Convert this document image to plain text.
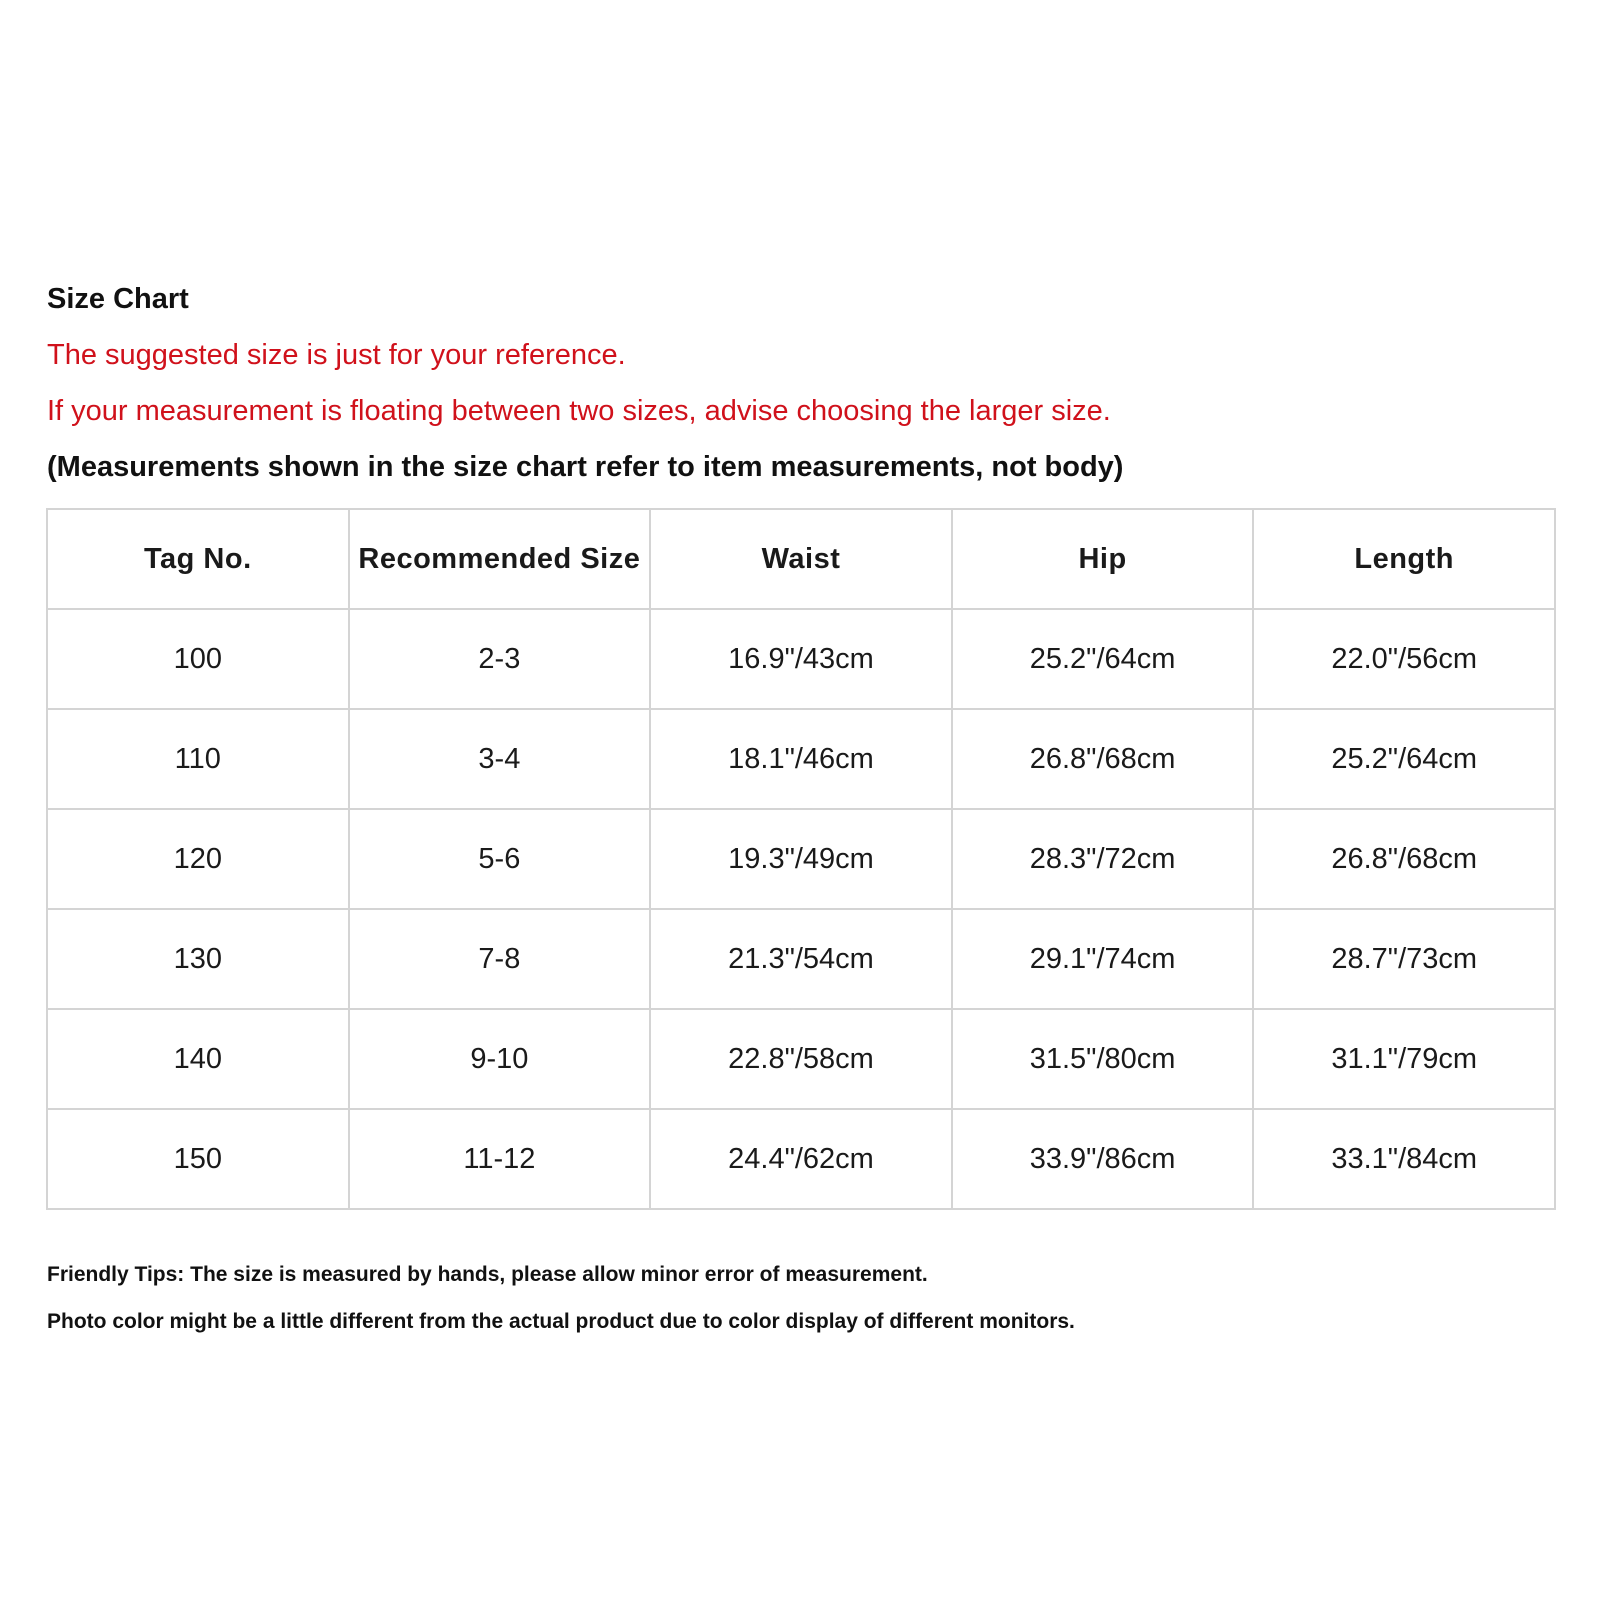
Size Chart

The suggested size is just for your reference.

If your measurement is floating between two sizes, advise choosing the larger size.

(Measurements shown in the size chart refer to item measurements, not body)

Tag No.	Recommended Size	Waist	Hip	Length
100	2-3	16.9"/43cm	25.2"/64cm	22.0"/56cm
110	3-4	18.1"/46cm	26.8"/68cm	25.2"/64cm
120	5-6	19.3"/49cm	28.3"/72cm	26.8"/68cm
130	7-8	21.3"/54cm	29.1"/74cm	28.7"/73cm
140	9-10	22.8"/58cm	31.5"/80cm	31.1"/79cm
150	11-12	24.4"/62cm	33.9"/86cm	33.1"/84cm

Friendly Tips: The size is measured by hands, please allow minor error of measurement.

Photo color might be a little different from the actual product due to color display of different monitors.
